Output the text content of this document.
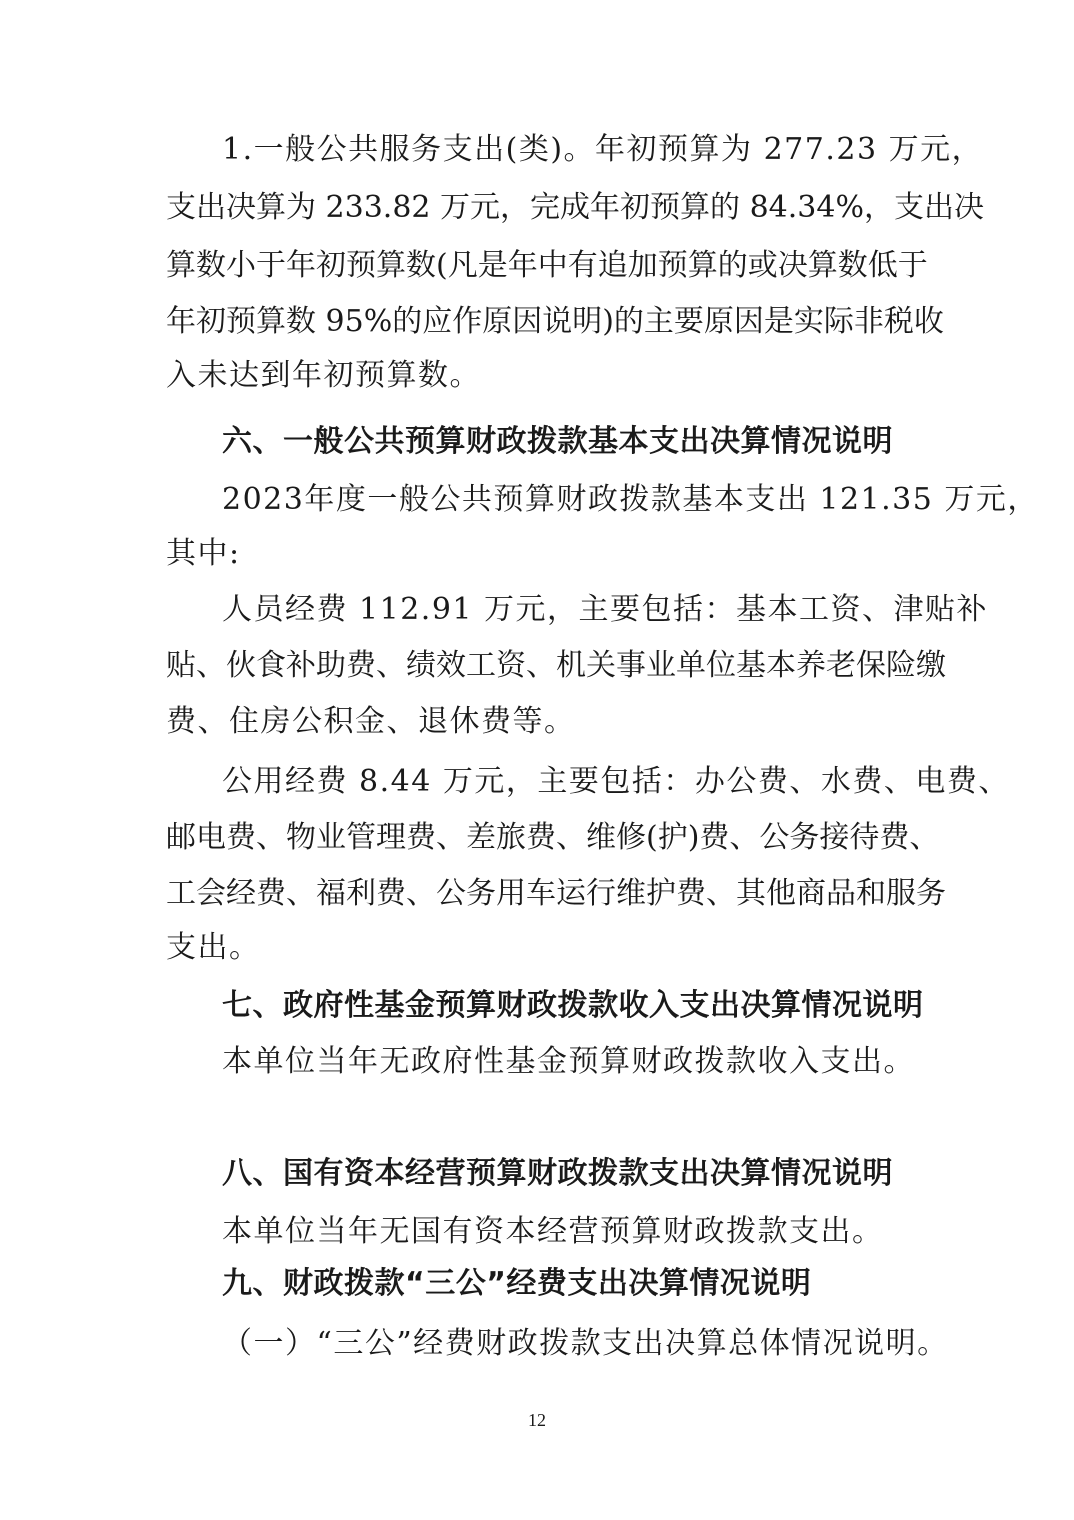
1.一般公共服务支出(类)。年初预算为 277.23 万元，
支出决算为 233.82 万元，完成年初预算的 84.34%，支出决
算数小于年初预算数(凡是年中有追加预算的或决算数低于
年初预算数 95%的应作原因说明)的主要原因是实际非税收
入未达到年初预算数。
六、一般公共预算财政拨款基本支出决算情况说明
2023年度一般公共预算财政拨款基本支出 121.35 万元，
其中:
人员经费 112.91 万元，主要包括：基本工资、津贴补
贴、伙食补助费、绩效工资、机关事业单位基本养老保险缴
费、住房公积金、退休费等。
公用经费 8.44 万元，主要包括：办公费、水费、电费、
邮电费、物业管理费、差旅费、维修(护)费、公务接待费、
工会经费、福利费、公务用车运行维护费、其他商品和服务
支出。
七、政府性基金预算财政拨款收入支出决算情况说明
本单位当年无政府性基金预算财政拨款收入支出。
八、国有资本经营预算财政拨款支出决算情况说明
本单位当年无国有资本经营预算财政拨款支出。
九、财政拨款“三公”经费支出决算情况说明
（一）“三公”经费财政拨款支出决算总体情况说明。
12
